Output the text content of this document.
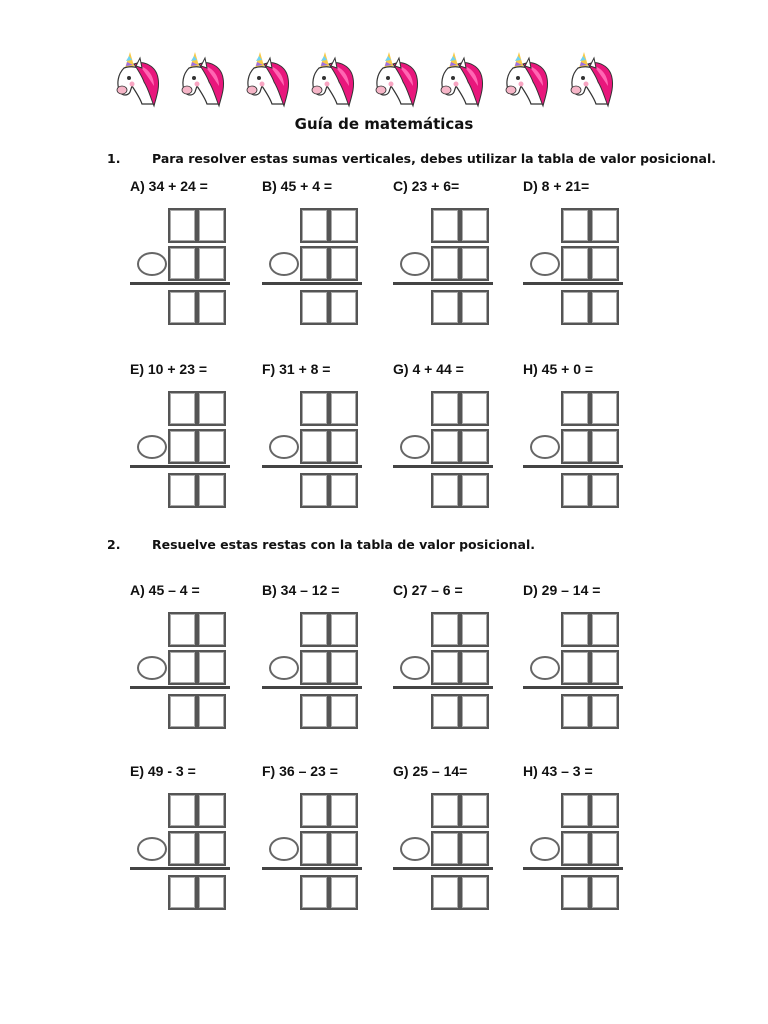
Guía de matemáticas
1.	Para resolver estas sumas verticales, debes utilizar la tabla de valor posicional.
2.	Resuelve estas restas con la tabla de valor posicional.
A) 34 + 24 =	B) 45 + 4 =	C) 23 + 6=	D) 8 + 21=
E) 10 + 23 =	F) 31 + 8 =	G) 4 + 44 =	H) 45 + 0 =
A) 45 – 4 =	B) 34 – 12 =	C) 27 – 6 =	D) 29 – 14 =
E) 49 - 3 =	F) 36 – 23 =	G) 25 – 14=	H) 43 – 3 =
